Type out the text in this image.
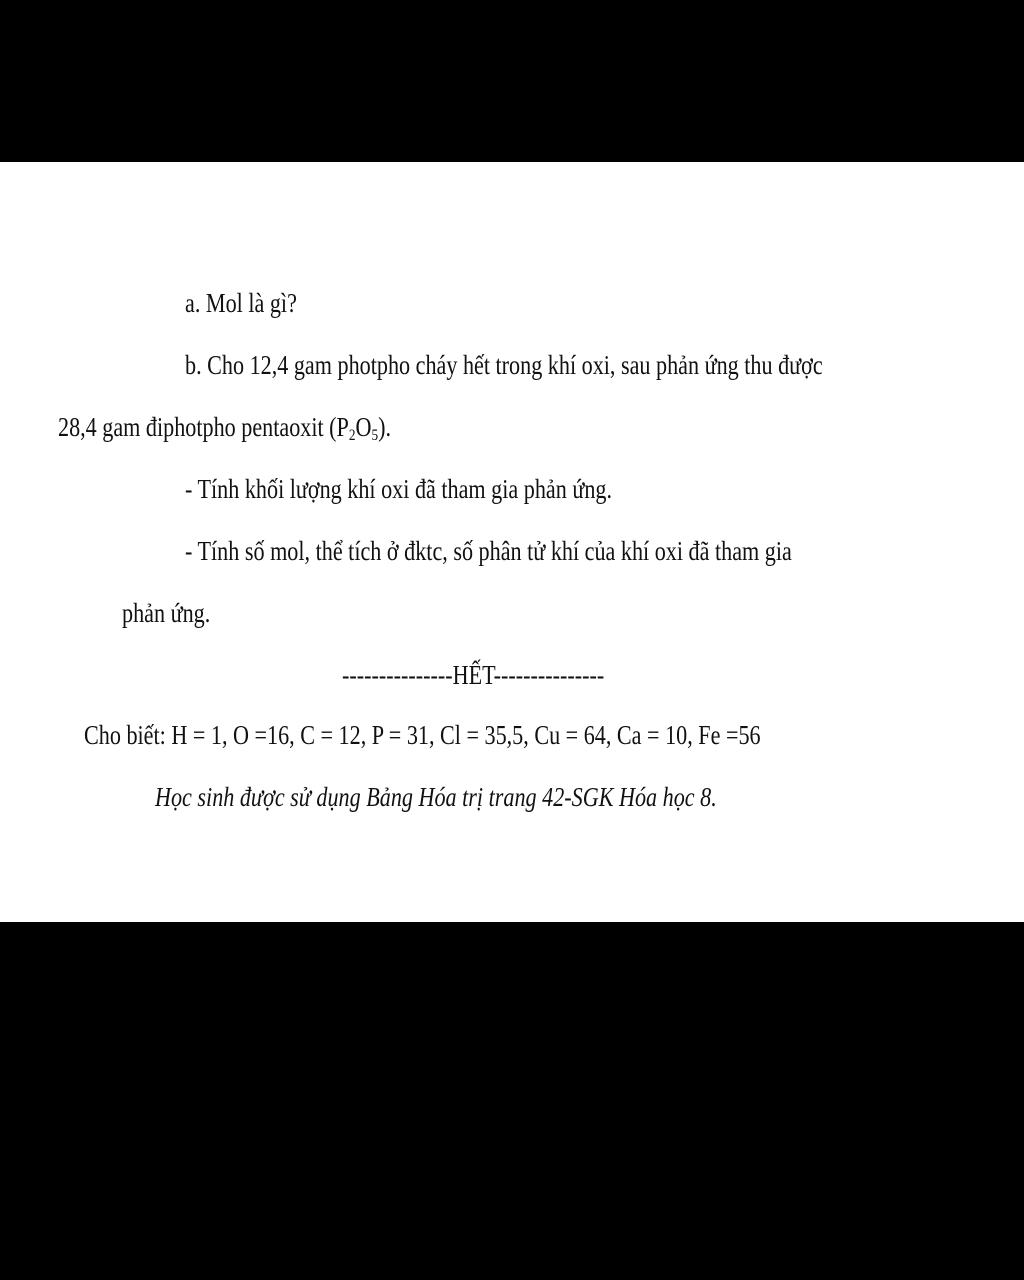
a. Mol là gì?
b. Cho 12,4 gam photpho cháy hết trong khí oxi, sau phản ứng thu được
28,4 gam điphotpho pentaoxit $(P_2O_5)$.
- Tính khối lượng khí oxi đã tham gia phản ứng.
- Tính số mol, thể tích ở đktc, số phân tử khí của khí oxi đã tham gia
phản ứng.
---------------HẾT---------------
Cho biết: H = 1, O =16, C = 12, P = 31, Cl = 35,5, Cu = 64, Ca = 10, Fe =56
Học sinh được sử dụng Bảng Hóa trị trang 42-SGK Hóa học 8.
